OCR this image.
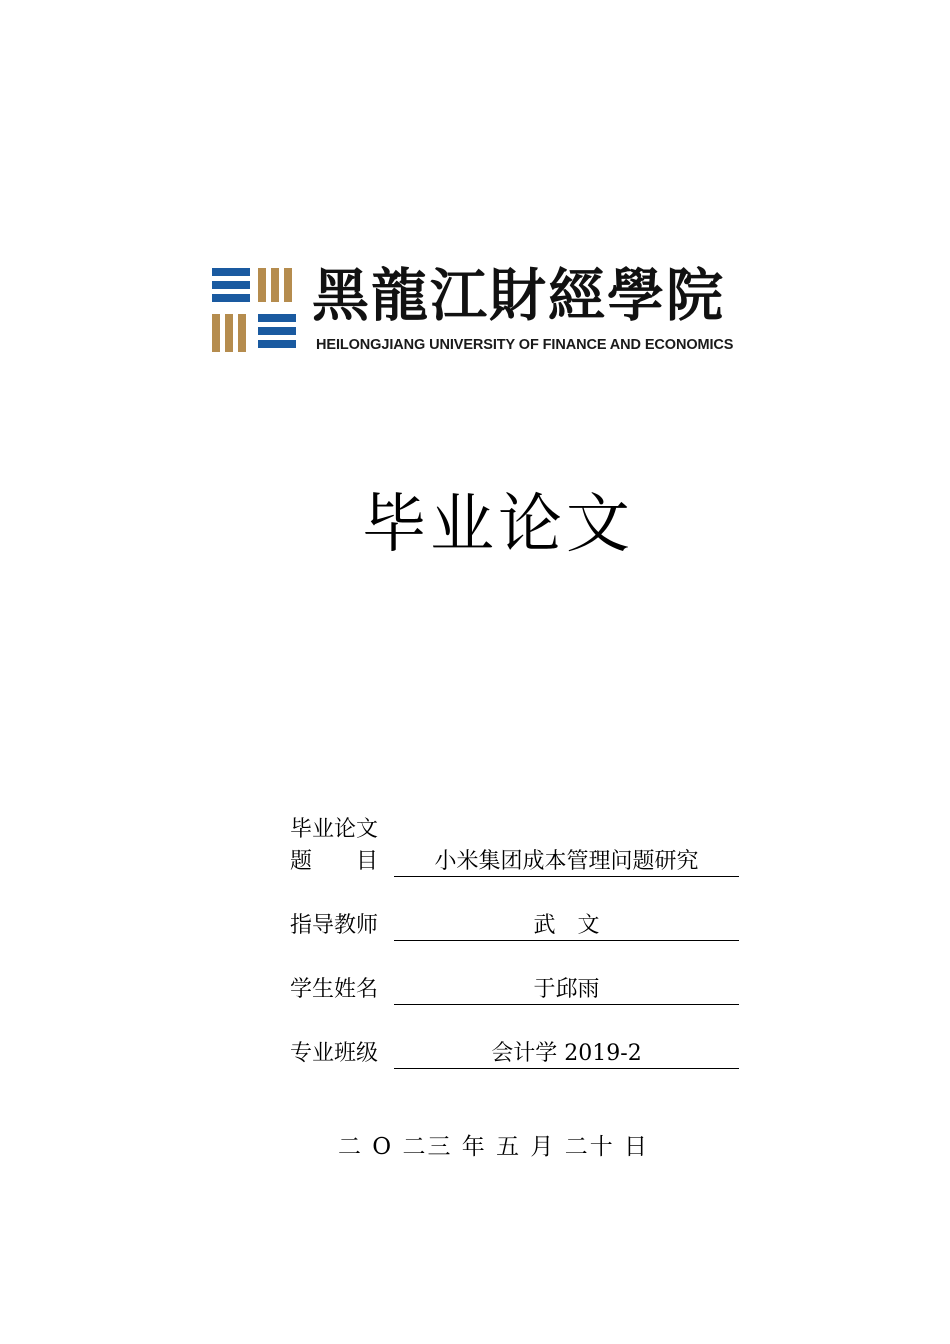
黑龍江財經學院
HEILONGJIANG UNIVERSITY OF FINANCE AND ECONOMICS
毕业论文
毕业论文
题　　目	小米集团成本管理问题研究
指导教师	武　文
学生姓名	于邱雨
专业班级	会计学 2019-2
二 O 二三 年 五 月 二十 日
